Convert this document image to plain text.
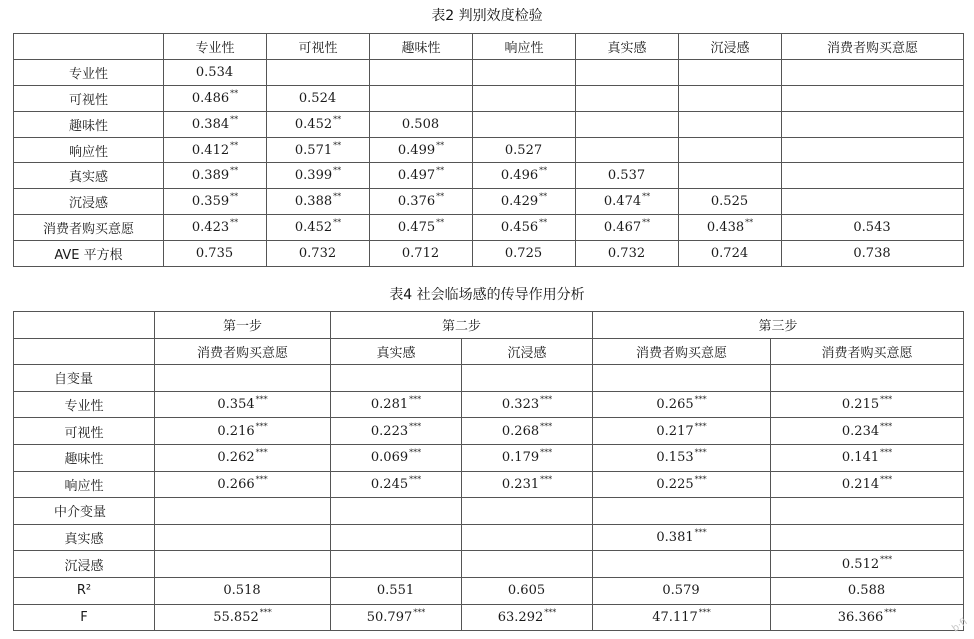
表2 判别效度检验
	专业性	可视性	趣味性	响应性	真实感	沉浸感	消费者购买意愿
专业性	0.534						
可视性	0.486**	0.524					
趣味性	0.384**	0.452**	0.508				
响应性	0.412**	0.571**	0.499**	0.527			
真实感	0.389**	0.399**	0.497**	0.496**	0.537		
沉浸感	0.359**	0.388**	0.376**	0.429**	0.474**	0.525	
消费者购买意愿	0.423**	0.452**	0.475**	0.456**	0.467**	0.438**	0.543
AVE 平方根	0.735	0.732	0.712	0.725	0.732	0.724	0.738
表4 社会临场感的传导作用分析
	第一步	第二步		第三步	
	消费者购买意愿	真实感	沉浸感	消费者购买意愿	消费者购买意愿
自变量					
专业性	0.354***	0.281***	0.323***	0.265***	0.215***
可视性	0.216***	0.223***	0.268***	0.217***	0.234***
趣味性	0.262***	0.069***	0.179***	0.153***	0.141***
响应性	0.266***	0.245***	0.231***	0.225***	0.214***
中介变量					
真实感				0.381***	
沉浸感					0.512***
R²	0.518	0.551	0.605	0.579	0.588
F	55.852***	50.797***	63.292***	47.117***	36.366***
b·fi
